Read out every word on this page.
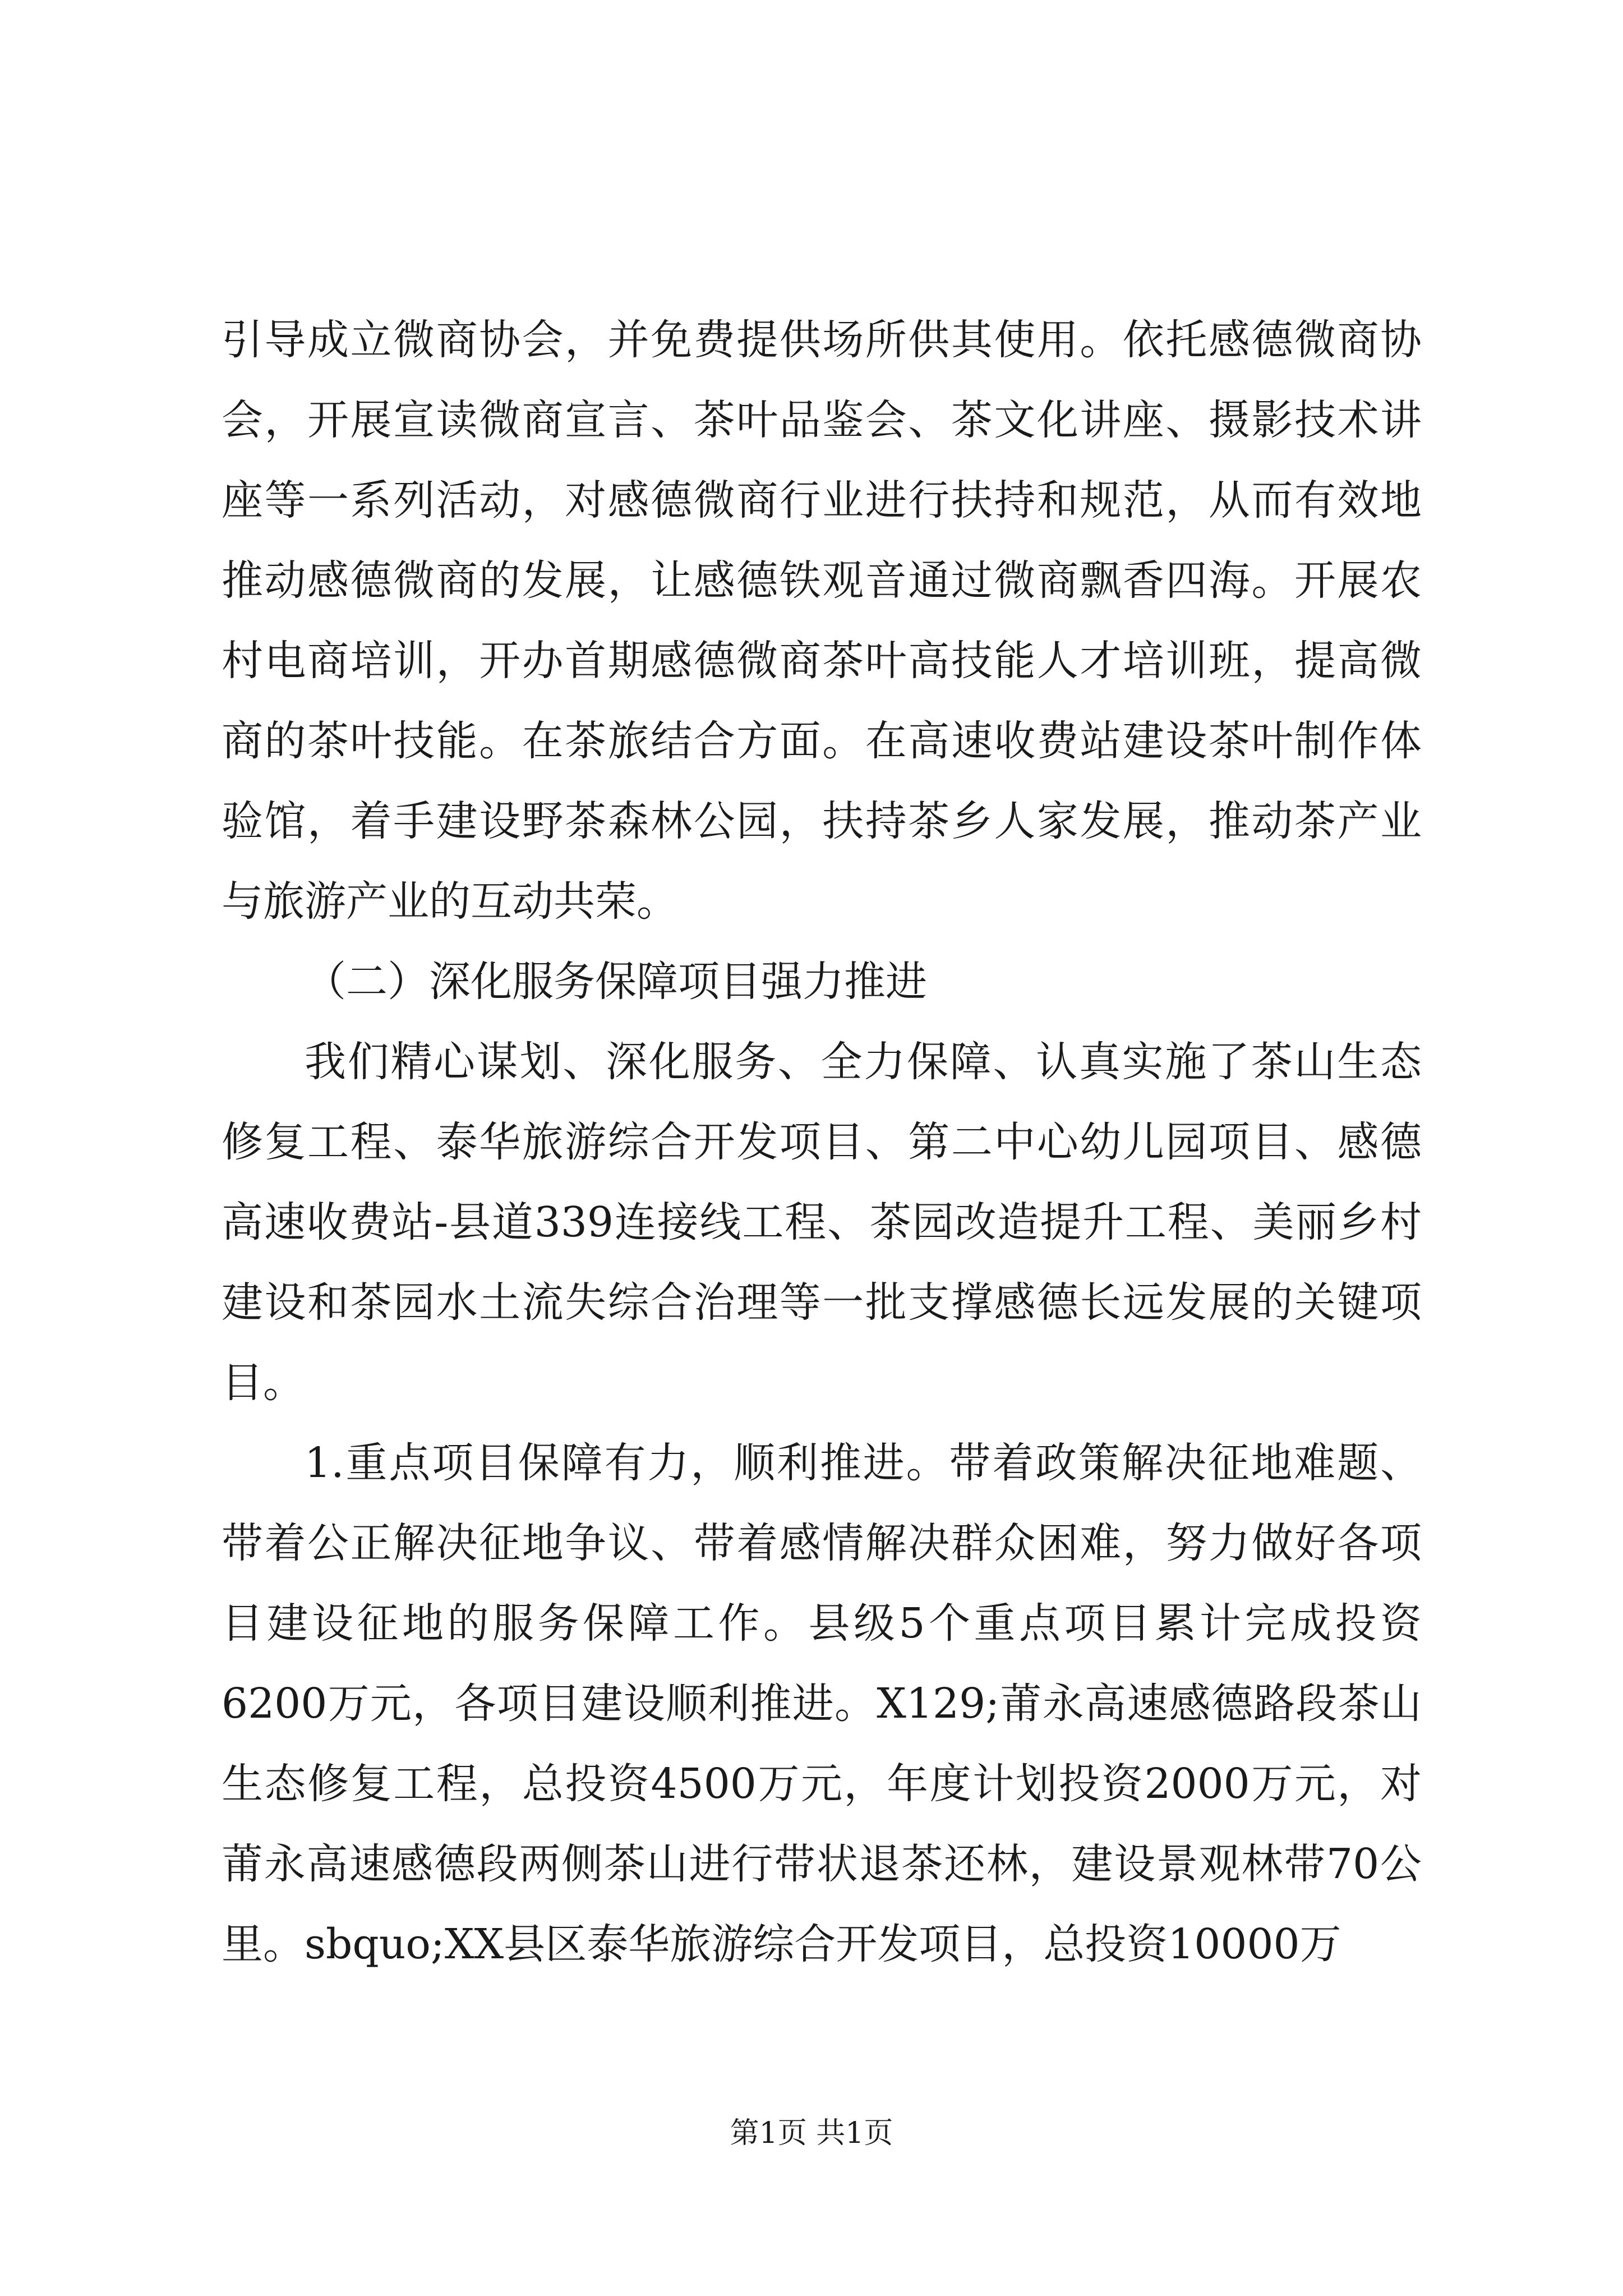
引导成立微商协会，并免费提供场所供其使用。依托感德微商协会，开展宣读微商宣言、茶叶品鉴会、茶文化讲座、摄影技术讲座等一系列活动，对感德微商行业进行扶持和规范，从而有效地推动感德微商的发展，让感德铁观音通过微商飘香四海。开展农村电商培训，开办首期感德微商茶叶高技能人才培训班，提高微商的茶叶技能。在茶旅结合方面。在高速收费站建设茶叶制作体验馆，着手建设野茶森林公园，扶持茶乡人家发展，推动茶产业与旅游产业的互动共荣。

（二）深化服务保障项目强力推进

我们精心谋划、深化服务、全力保障、认真实施了茶山生态修复工程、泰华旅游综合开发项目、第二中心幼儿园项目、感德高速收费站-县道339连接线工程、茶园改造提升工程、美丽乡村建设和茶园水土流失综合治理等一批支撑感德长远发展的关键项目。

1.重点项目保障有力，顺利推进。带着政策解决征地难题、带着公正解决征地争议、带着感情解决群众困难，努力做好各项目建设征地的服务保障工作。县级5个重点项目累计完成投资6200万元，各项目建设顺利推进。X129;莆永高速感德路段茶山生态修复工程，总投资4500万元，年度计划投资2000万元，对莆永高速感德段两侧茶山进行带状退茶还林，建设景观林带70公里。sbquo;XX县区泰华旅游综合开发项目，总投资10000万

第1页 共1页
